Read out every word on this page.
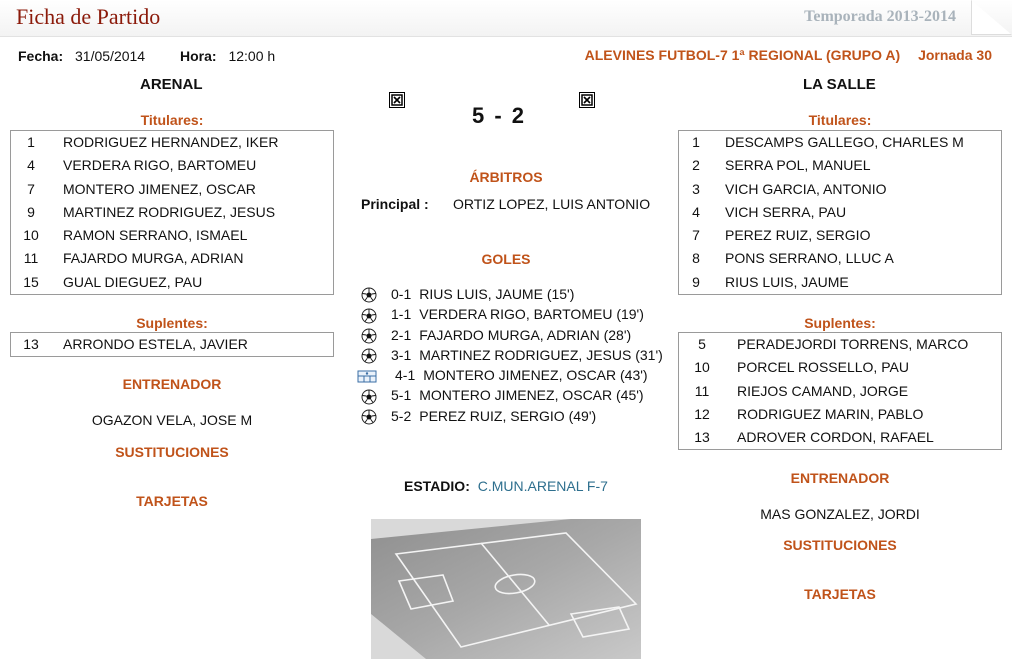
Ficha de Partido	Temporada 2013-2014
Fecha: 31/05/2014 Hora: 12:00 h	ALEVINES FUTBOL-7 1ª REGIONAL (GRUPO A) Jornada 30
ARENAL	LA SALLE
5 - 2
Titulares:
1 RODRIGUEZ HERNANDEZ, IKER
4 VERDERA RIGO, BARTOMEU
7 MONTERO JIMENEZ, OSCAR
9 MARTINEZ RODRIGUEZ, JESUS
10 RAMON SERRANO, ISMAEL
11 FAJARDO MURGA, ADRIAN
15 GUAL DIEGUEZ, PAU
Suplentes:
13 ARRONDO ESTELA, JAVIER
ENTRENADOR
OGAZON VELA, JOSE M
SUSTITUCIONES
TARJETAS
ÁRBITROS
Principal : ORTIZ LOPEZ, LUIS ANTONIO
GOLES
0-1 RIUS LUIS, JAUME (15')
1-1 VERDERA RIGO, BARTOMEU (19')
2-1 FAJARDO MURGA, ADRIAN (28')
3-1 MARTINEZ RODRIGUEZ, JESUS (31')
4-1 MONTERO JIMENEZ, OSCAR (43')
5-1 MONTERO JIMENEZ, OSCAR (45')
5-2 PEREZ RUIZ, SERGIO (49')
ESTADIO: C.MUN.ARENAL F-7
Titulares:
1 DESCAMPS GALLEGO, CHARLES M
2 SERRA POL, MANUEL
3 VICH GARCIA, ANTONIO
4 VICH SERRA, PAU
7 PEREZ RUIZ, SERGIO
8 PONS SERRANO, LLUC A
9 RIUS LUIS, JAUME
Suplentes:
5 PERADEJORDI TORRENS, MARCO
10 PORCEL ROSSELLO, PAU
11 RIEJOS CAMAND, JORGE
12 RODRIGUEZ MARIN, PABLO
13 ADROVER CORDON, RAFAEL
ENTRENADOR
MAS GONZALEZ, JORDI
SUSTITUCIONES
TARJETAS
